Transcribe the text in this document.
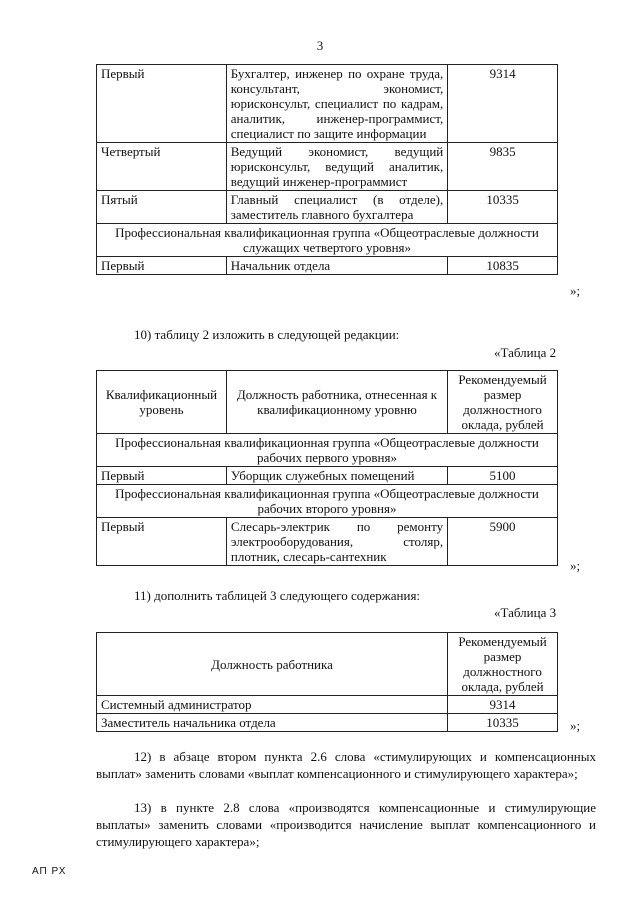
3
Первый	Бухгалтер, инженер по охране труда, консультант, экономист, юрисконсульт, специалист по кадрам, аналитик, инженер-программист, специалист по защите информации	9314
Четвертый	Ведущий экономист, ведущий юрисконсульт, ведущий аналитик, ведущий инженер-программист	9835
Пятый	Главный специалист (в отделе), заместитель главного бухгалтера	10335
Профессиональная квалификационная группа «Общеотраслевые должности служащих четвертого уровня»		
Первый	Начальник отдела	10835
»;
10) таблицу 2 изложить в следующей редакции:
«Таблица 2
Квалификационный уровень	Должность работника, отнесенная к квалификационному уровню	Рекомендуемый размер должностного оклада, рублей
Профессиональная квалификационная группа «Общеотраслевые должности рабочих первого уровня»		
Первый	Уборщик служебных помещений	5100
Профессиональная квалификационная группа «Общеотраслевые должности рабочих второго уровня»		
Первый	Слесарь-электрик по ремонту электрооборудования, столяр, плотник, слесарь-сантехник	5900
»;
11) дополнить таблицей 3 следующего содержания:
«Таблица 3
Должность работника	Рекомендуемый размер должностного оклада, рублей
Системный администратор	9314
Заместитель начальника отдела	10335	»;

12) в абзаце втором пункта 2.6 слова «стимулирующих и компенсационных выплат» заменить словами «выплат компенсационного и стимулирующего характера»;

13) в пункте 2.8 слова «производятся компенсационные и стимулирующие выплаты» заменить словами «производится начисление выплат компенсационного и стимулирующего характера»;

АП РХ
